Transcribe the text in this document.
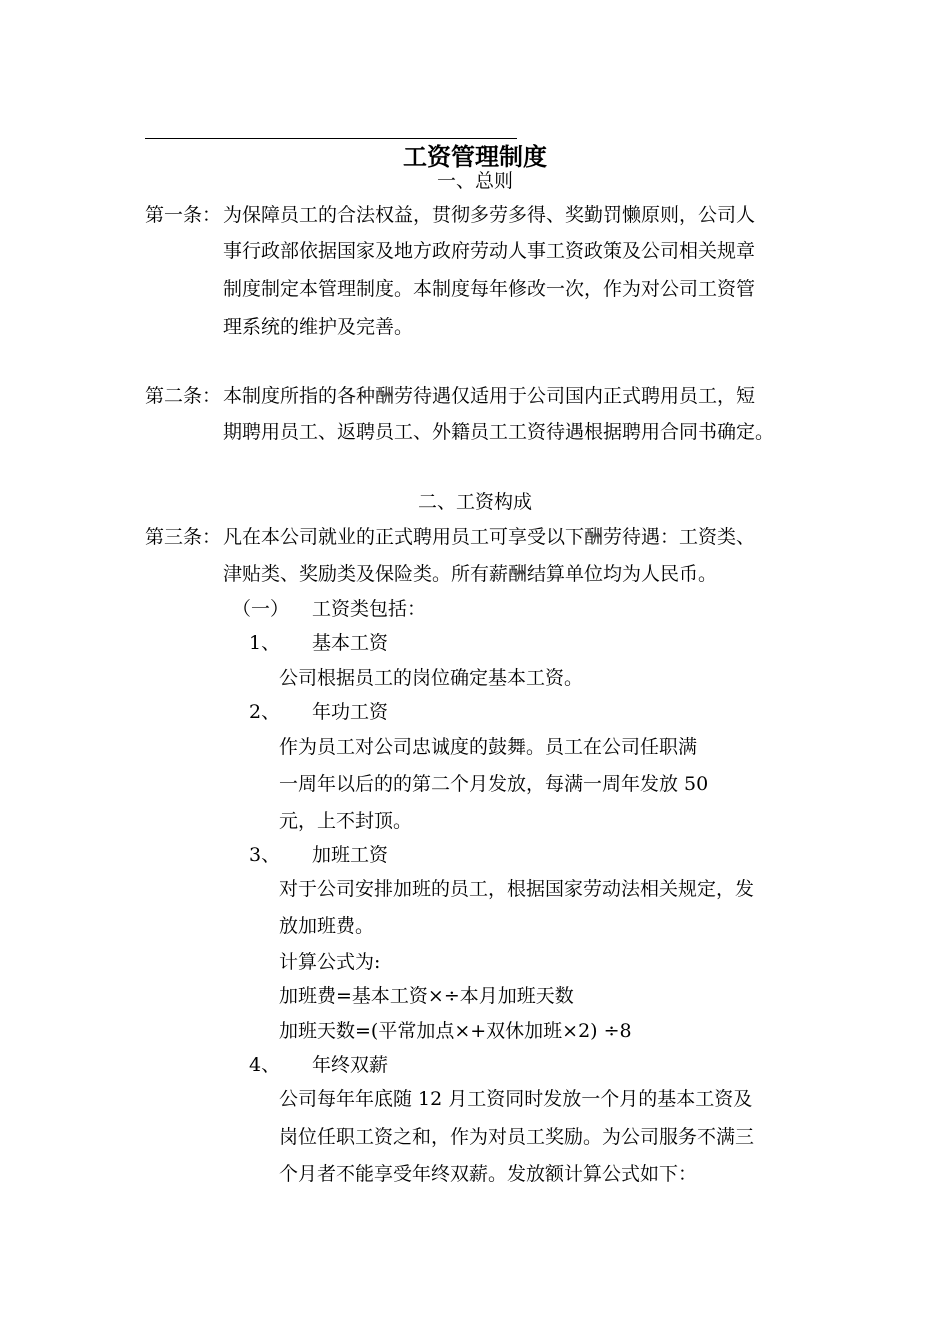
工资管理制度
一、总则
第一条： 为保障员工的合法权益，贯彻多劳多得、奖勤罚懒原则，公司人
事行政部依据国家及地方政府劳动人事工资政策及公司相关规章
制度制定本管理制度。本制度每年修改一次，作为对公司工资管
理系统的维护及完善。
第二条： 本制度所指的各种酬劳待遇仅适用于公司国内正式聘用员工，短
期聘用员工、返聘员工、外籍员工工资待遇根据聘用合同书确定。
二、工资构成
第三条： 凡在本公司就业的正式聘用员工可享受以下酬劳待遇：工资类、
津贴类、奖励类及保险类。所有薪酬结算单位均为人民币。
（一） 工资类包括：
1、 基本工资
公司根据员工的岗位确定基本工资。
2、 年功工资
作为员工对公司忠诚度的鼓舞。员工在公司任职满
一周年以后的的第二个月发放，每满一周年发放 50
元，上不封顶。
3、 加班工资
对于公司安排加班的员工，根据国家劳动法相关规定，发
放加班费。
计算公式为:
加班费=基本工资×÷本月加班天数
加班天数=(平常加点×+双休加班×2) ÷8
4、 年终双薪
公司每年年底随 12 月工资同时发放一个月的基本工资及
岗位任职工资之和，作为对员工奖励。为公司服务不满三
个月者不能享受年终双薪。发放额计算公式如下：
